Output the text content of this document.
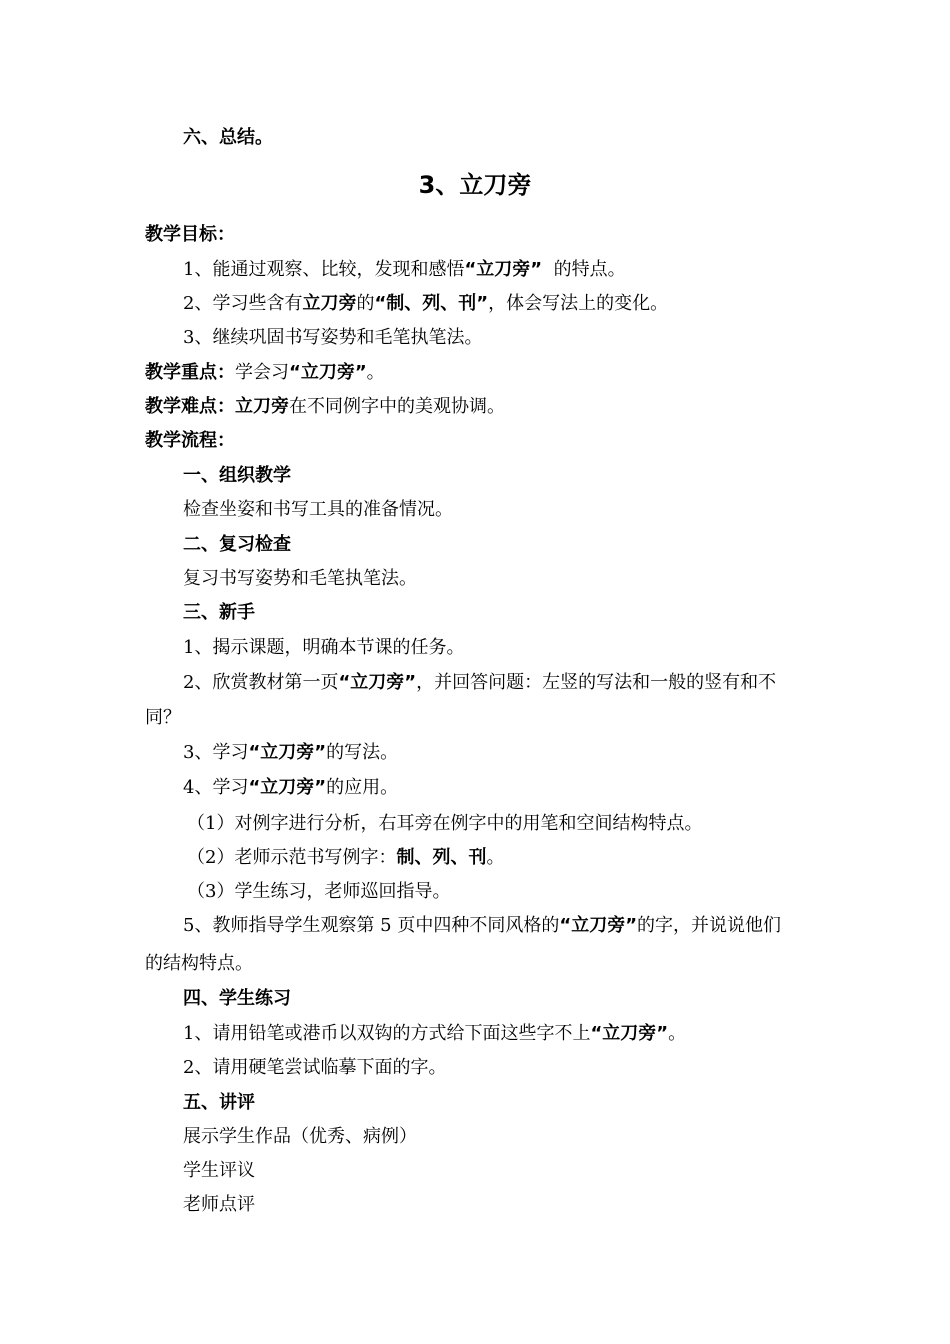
六、总结。
3、立刀旁
教学目标：
1、能通过观察、比较，发现和感悟“立刀旁”  的特点。
2、学习些含有立刀旁的“制、列、刊”，体会写法上的变化。
3、继续巩固书写姿势和毛笔执笔法。
教学重点：学会习“立刀旁”。
教学难点：立刀旁在不同例字中的美观协调。
教学流程：
一、组织教学
检查坐姿和书写工具的准备情况。
二、复习检查
复习书写姿势和毛笔执笔法。
三、新手
1、揭示课题，明确本节课的任务。
2、欣赏教材第一页“立刀旁”，并回答问题：左竖的写法和一般的竖有和不
同？
3、学习“立刀旁”的写法。
4、学习“立刀旁”的应用。
（1）对例字进行分析，右耳旁在例字中的用笔和空间结构特点。
（2）老师示范书写例字：制、列、刊。
（3）学生练习，老师巡回指导。
5、教师指导学生观察第 5 页中四种不同风格的“立刀旁”的字，并说说他们
的结构特点。
四、学生练习
1、请用铅笔或港币以双钩的方式给下面这些字不上“立刀旁”。
2、请用硬笔尝试临摹下面的字。
五、讲评
展示学生作品（优秀、病例）
学生评议
老师点评
